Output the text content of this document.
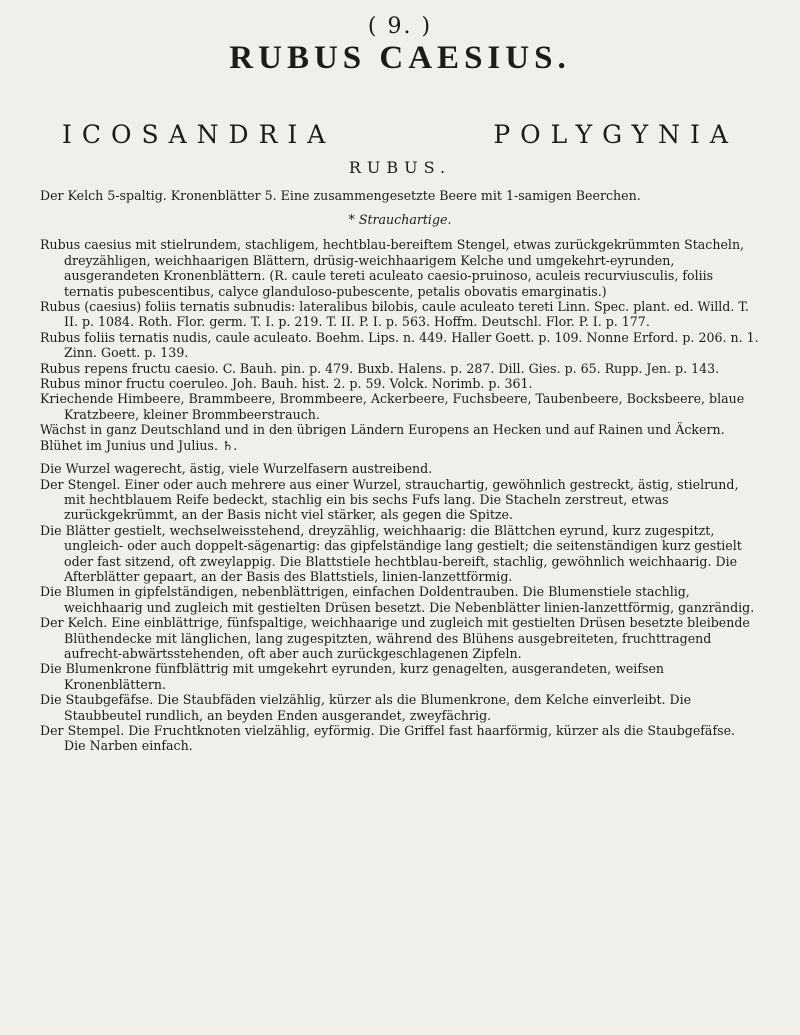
( 9. )

RUBUS CAESIUS.
ICOSANDRIA	POLYGYNIA

RUBUS.

Der Kelch 5-spaltig. Kronenblätter 5. Eine zusammengesetzte Beere mit 1-samigen Beerchen.

* Strauchartige.

Rubus caesius mit stielrundem, stachligem, hechtblau-bereiftem Stengel, etwas zurückgekrümmten Stacheln, dreyzähligen, weichhaarigen Blättern, drüsig-weichhaarigem Kelche und umgekehrt-eyrunden, ausgerandeten Kronenblättern. (R. caule tereti aculeato caesio-pruinoso, aculeis recurviusculis, foliis ternatis pubescentibus, calyce glanduloso-pubescente, petalis obovatis emarginatis.)

Rubus (caesius) foliis ternatis subnudis: lateralibus bilobis, caule aculeato tereti Linn. Spec. plant. ed. Willd. T. II. p. 1084. Roth. Flor. germ. T. I. p. 219. T. II. P. I. p. 563. Hoffm. Deutschl. Flor. P. I. p. 177.

Rubus foliis ternatis nudis, caule aculeato. Boehm. Lips. n. 449. Haller Goett. p. 109. Nonne Erford. p. 206. n. 1. Zinn. Goett. p. 139.

Rubus repens fructu caesio. C. Bauh. pin. p. 479. Buxb. Halens. p. 287. Dill. Gies. p. 65. Rupp. Jen. p. 143.

Rubus minor fructu coeruleo. Joh. Bauh. hist. 2. p. 59. Volck. Norimb. p. 361.

Kriechende Himbeere, Brammbeere, Brommbeere, Ackerbeere, Fuchsbeere, Taubenbeere, Bocksbeere, blaue Kratzbeere, kleiner Brommbeerstrauch.

Wächst in ganz Deutschland und in den übrigen Ländern Europens an Hecken und auf Rainen und Äckern.

Blühet im Junius und Julius. ♄.

Die Wurzel wagerecht, ästig, viele Wurzelfasern austreibend.

Der Stengel. Einer oder auch mehrere aus einer Wurzel, strauchartig, gewöhnlich gestreckt, ästig, stielrund, mit hechtblauem Reife bedeckt, stachlig ein bis sechs Fufs lang. Die Stacheln zerstreut, etwas zurückgekrümmt, an der Basis nicht viel stärker, als gegen die Spitze.

Die Blätter gestielt, wechselweisstehend, dreyzählig, weichhaarig: die Blättchen eyrund, kurz zugespitzt, ungleich- oder auch doppelt-sägenartig: das gipfelständige lang gestielt; die seitenständigen kurz gestielt oder fast sitzend, oft zweylappig. Die Blattstiele hechtblau-bereift, stachlig, gewöhnlich weichhaarig. Die Afterblätter gepaart, an der Basis des Blattstiels, linien-lanzettförmig.

Die Blumen in gipfelständigen, nebenblättrigen, einfachen Doldentrauben. Die Blumenstiele stachlig, weichhaarig und zugleich mit gestielten Drüsen besetzt. Die Nebenblätter linien-lanzettförmig, ganzrändig.

Der Kelch. Eine einblättrige, fünfspaltige, weichhaarige und zugleich mit gestielten Drüsen besetzte bleibende Blüthendecke mit länglichen, lang zugespitzten, während des Blühens ausgebreiteten, fruchttragend aufrecht-abwärtsstehenden, oft aber auch zurückgeschlagenen Zipfeln.

Die Blumenkrone fünfblättrig mit umgekehrt eyrunden, kurz genagelten, ausgerandeten, weifsen Kronenblättern.

Die Staubgefäfse. Die Staubfäden vielzählig, kürzer als die Blumenkrone, dem Kelche einverleibt. Die Staubbeutel rundlich, an beyden Enden ausgerandet, zweyfächrig.

Der Stempel. Die Fruchtknoten vielzählig, eyförmig. Die Griffel fast haarförmig, kürzer als die Staubgefäfse. Die Narben einfach.
